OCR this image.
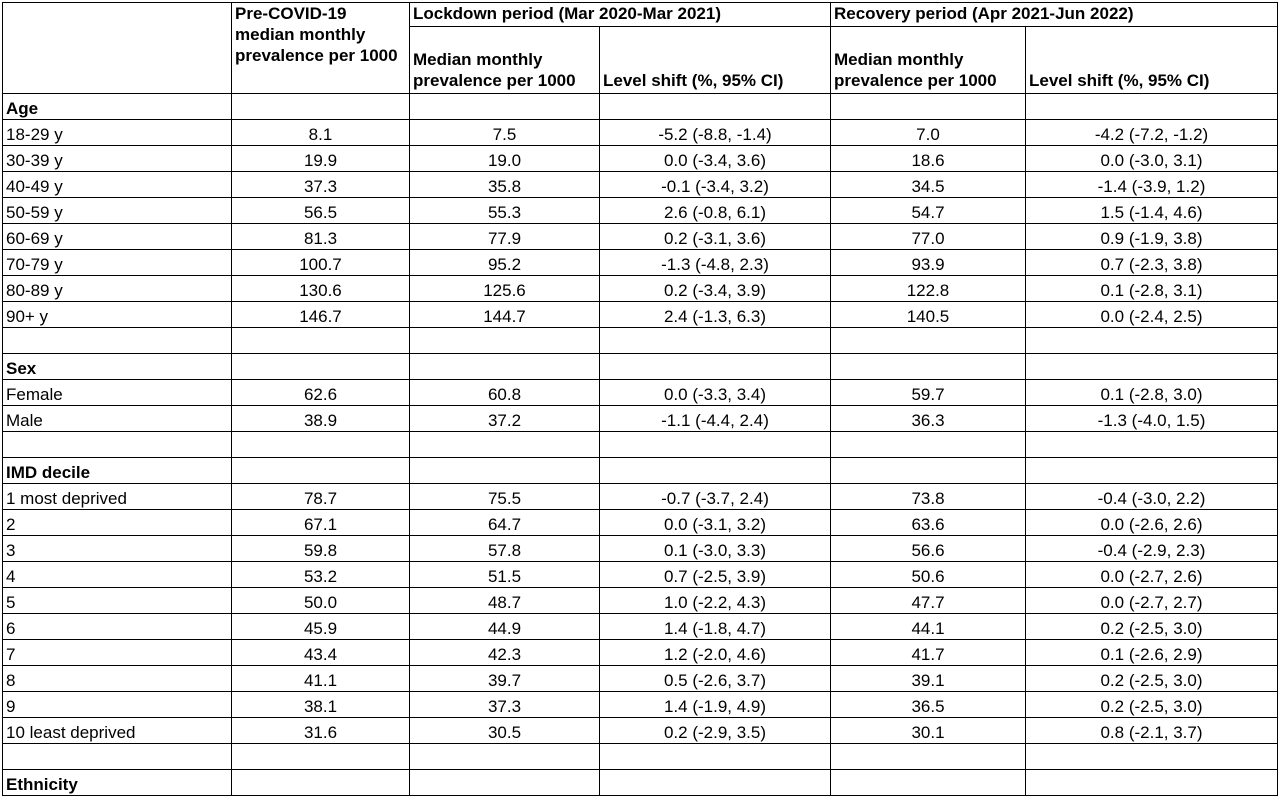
	Pre-COVID-19 median monthly prevalence per 1000	Lockdown period (Mar 2020-Mar 2021)		Recovery period (Apr 2021-Jun 2022)	
		Median monthly prevalence per 1000	Level shift (%, 95% CI)	Median monthly prevalence per 1000	Level shift (%, 95% CI)
Age					
18-29 y	8.1	7.5	-5.2 (-8.8, -1.4)	7.0	-4.2 (-7.2, -1.2)
30-39 y	19.9	19.0	0.0 (-3.4, 3.6)	18.6	0.0 (-3.0, 3.1)
40-49 y	37.3	35.8	-0.1 (-3.4, 3.2)	34.5	-1.4 (-3.9, 1.2)
50-59 y	56.5	55.3	2.6 (-0.8, 6.1)	54.7	1.5 (-1.4, 4.6)
60-69 y	81.3	77.9	0.2 (-3.1, 3.6)	77.0	0.9 (-1.9, 3.8)
70-79 y	100.7	95.2	-1.3 (-4.8, 2.3)	93.9	0.7 (-2.3, 3.8)
80-89 y	130.6	125.6	0.2 (-3.4, 3.9)	122.8	0.1 (-2.8, 3.1)
90+ y	146.7	144.7	2.4 (-1.3, 6.3)	140.5	0.0 (-2.4, 2.5)

Sex					
Female	62.6	60.8	0.0 (-3.3, 3.4)	59.7	0.1 (-2.8, 3.0)
Male	38.9	37.2	-1.1 (-4.4, 2.4)	36.3	-1.3 (-4.0, 1.5)

IMD decile					
1 most deprived	78.7	75.5	-0.7 (-3.7, 2.4)	73.8	-0.4 (-3.0, 2.2)
2	67.1	64.7	0.0 (-3.1, 3.2)	63.6	0.0 (-2.6, 2.6)
3	59.8	57.8	0.1 (-3.0, 3.3)	56.6	-0.4 (-2.9, 2.3)
4	53.2	51.5	0.7 (-2.5, 3.9)	50.6	0.0 (-2.7, 2.6)
5	50.0	48.7	1.0 (-2.2, 4.3)	47.7	0.0 (-2.7, 2.7)
6	45.9	44.9	1.4 (-1.8, 4.7)	44.1	0.2 (-2.5, 3.0)
7	43.4	42.3	1.2 (-2.0, 4.6)	41.7	0.1 (-2.6, 2.9)
8	41.1	39.7	0.5 (-2.6, 3.7)	39.1	0.2 (-2.5, 3.0)
9	38.1	37.3	1.4 (-1.9, 4.9)	36.5	0.2 (-2.5, 3.0)
10 least deprived	31.6	30.5	0.2 (-2.9, 3.5)	30.1	0.8 (-2.1, 3.7)

Ethnicity					
